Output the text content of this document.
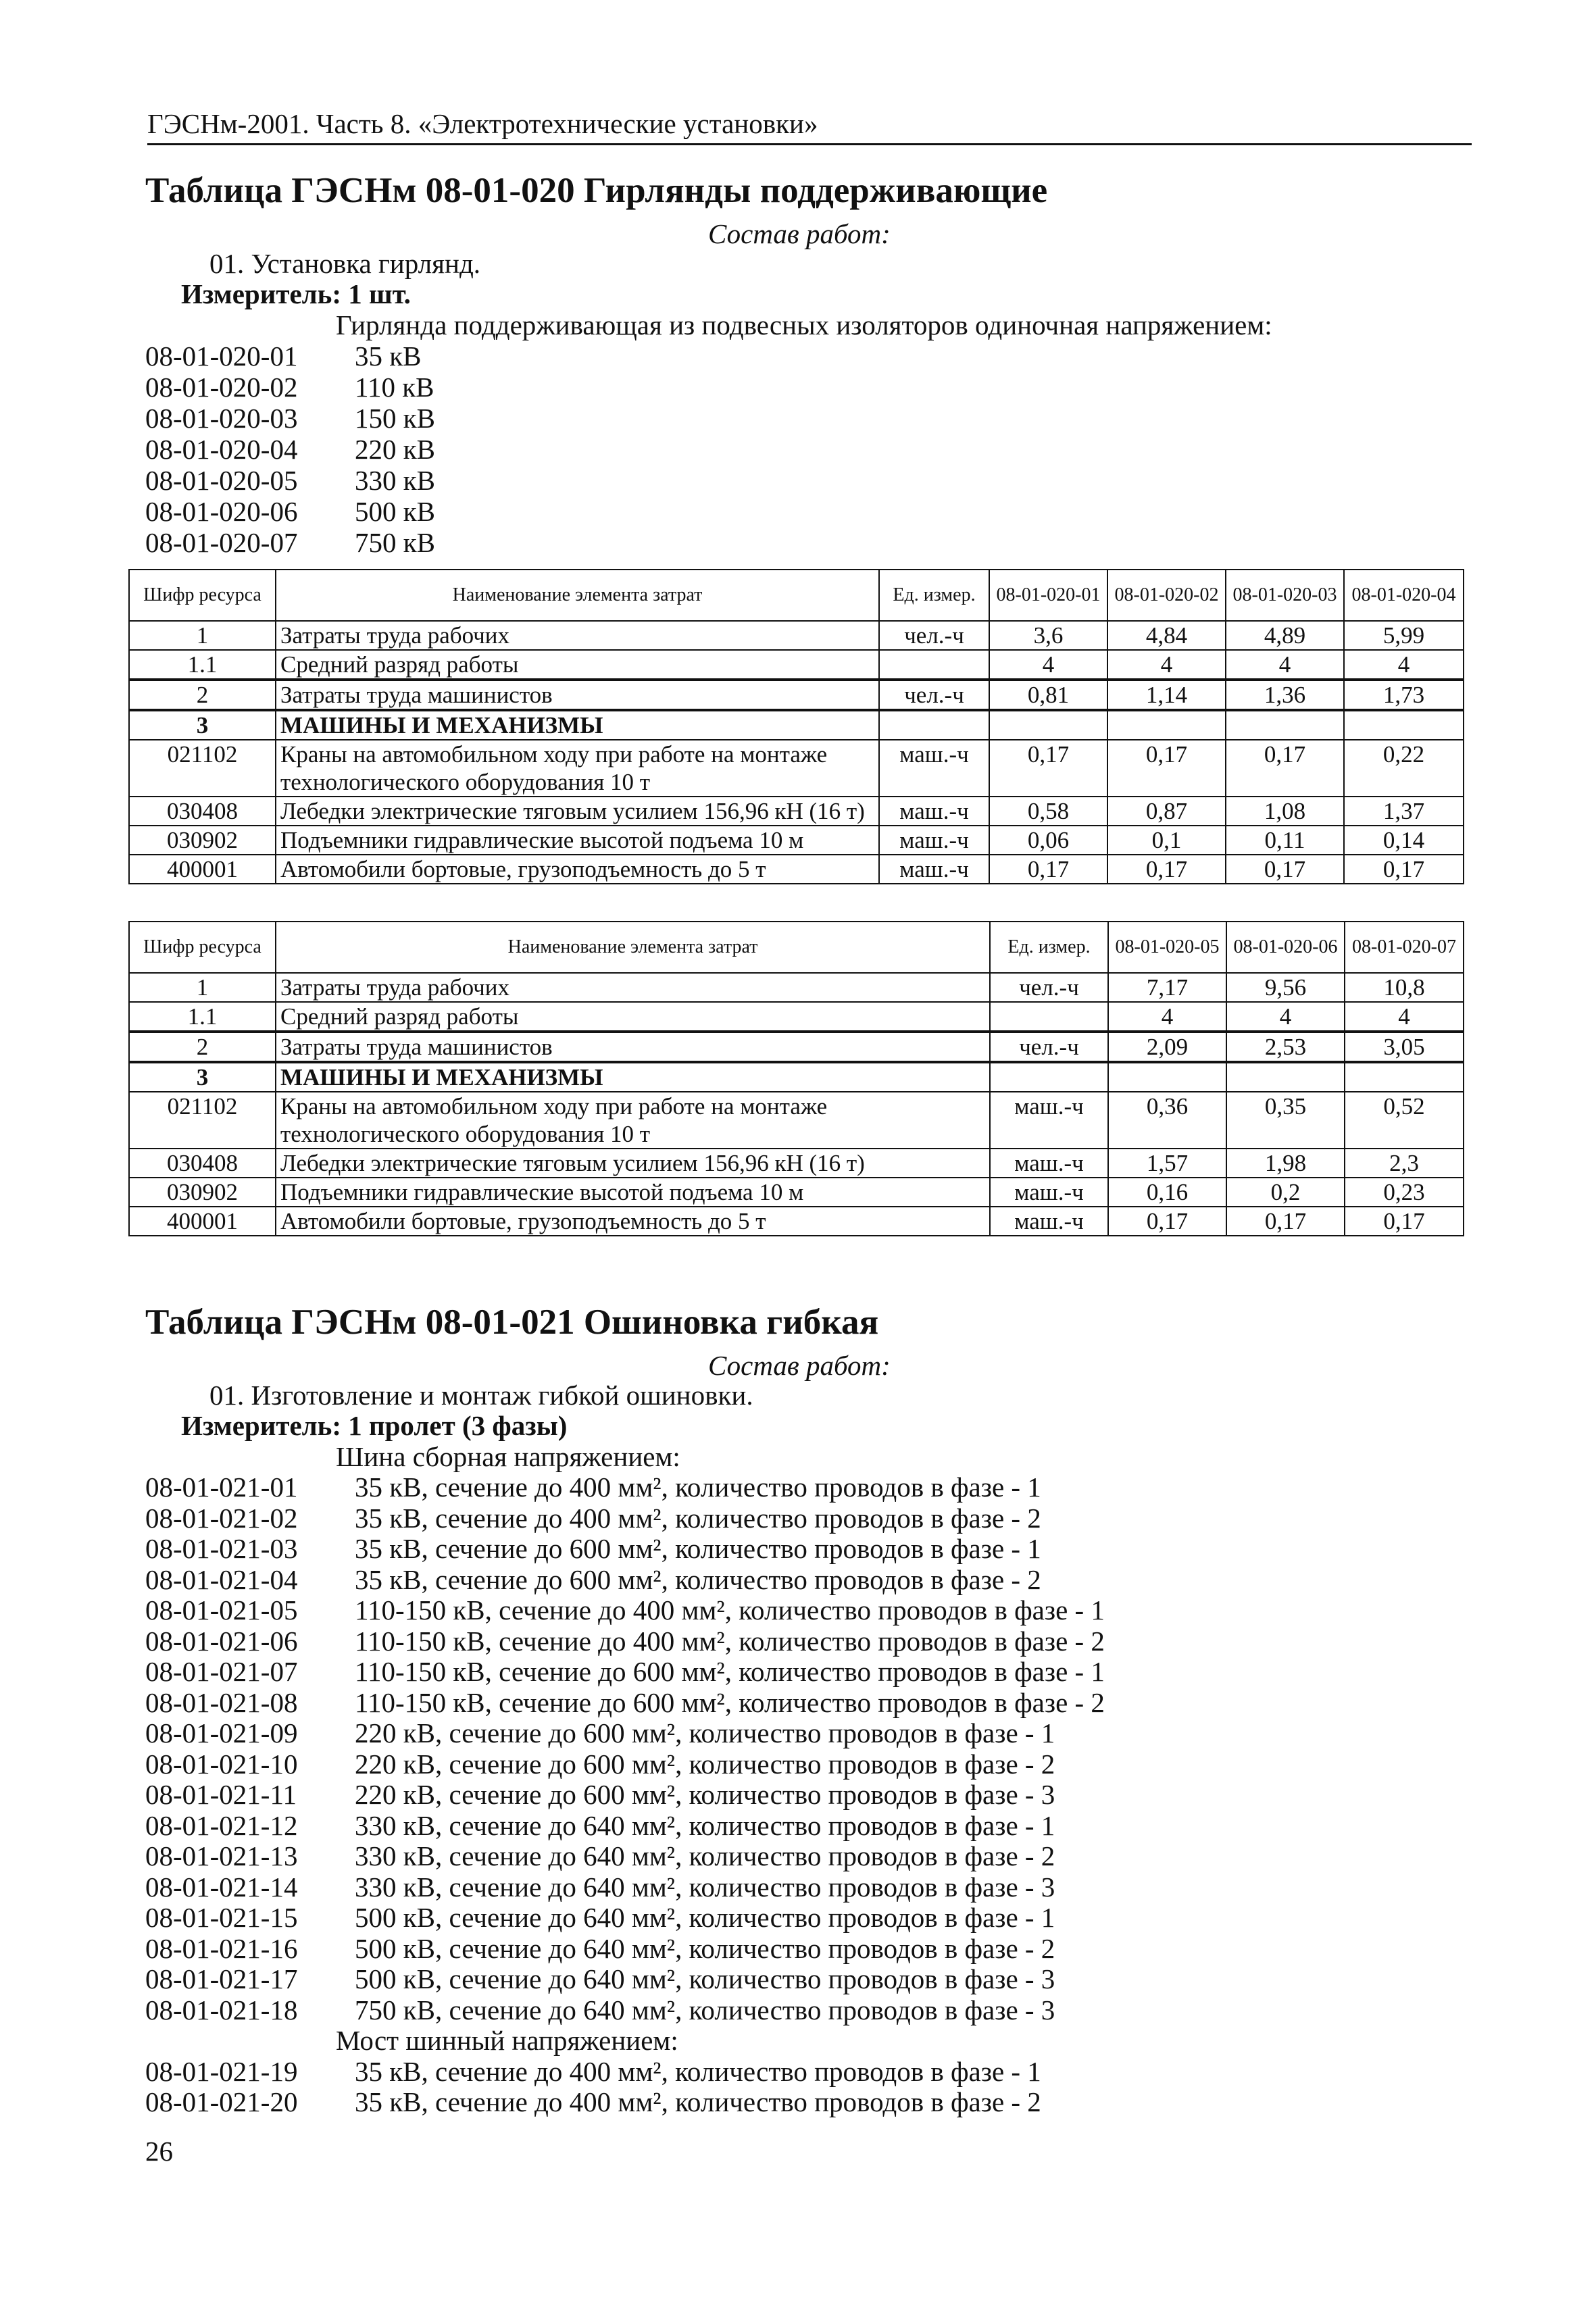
ГЭСНм-2001. Часть 8. «Электротехнические установки»
Таблица ГЭСНм 08-01-020 Гирлянды поддерживающие
Состав работ:
01. Установка гирлянд.
Измеритель: 1 шт.
Гирлянда поддерживающая из подвесных изоляторов одиночная напряжением:
08-01-020-01 35 кВ
08-01-020-02 110 кВ
08-01-020-03 150 кВ
08-01-020-04 220 кВ
08-01-020-05 330 кВ
08-01-020-06 500 кВ
08-01-020-07 750 кВ
Шифр ресурса	Наименование элемента затрат	Ед. измер.	08-01-020-01	08-01-020-02	08-01-020-03	08-01-020-04
1	Затраты труда рабочих	чел.-ч	3,6	4,84	4,89	5,99
1.1	Средний разряд работы		4	4	4	4
2	Затраты труда машинистов	чел.-ч	0,81	1,14	1,36	1,73
3	МАШИНЫ И МЕХАНИЗМЫ					
021102	Краны на автомобильном ходу при работе на монтаже технологического оборудования 10 т	маш.-ч	0,17	0,17	0,17	0,22
030408	Лебедки электрические тяговым усилием 156,96 кН (16 т)	маш.-ч	0,58	0,87	1,08	1,37
030902	Подъемники гидравлические высотой подъема 10 м	маш.-ч	0,06	0,1	0,11	0,14
400001	Автомобили бортовые, грузоподъемность до 5 т	маш.-ч	0,17	0,17	0,17	0,17
Шифр ресурса	Наименование элемента затрат	Ед. измер.	08-01-020-05	08-01-020-06	08-01-020-07
1	Затраты труда рабочих	чел.-ч	7,17	9,56	10,8
1.1	Средний разряд работы		4	4	4
2	Затраты труда машинистов	чел.-ч	2,09	2,53	3,05
3	МАШИНЫ И МЕХАНИЗМЫ				
021102	Краны на автомобильном ходу при работе на монтаже технологического оборудования 10 т	маш.-ч	0,36	0,35	0,52
030408	Лебедки электрические тяговым усилием 156,96 кН (16 т)	маш.-ч	1,57	1,98	2,3
030902	Подъемники гидравлические высотой подъема 10 м	маш.-ч	0,16	0,2	0,23
400001	Автомобили бортовые, грузоподъемность до 5 т	маш.-ч	0,17	0,17	0,17
Таблица ГЭСНм 08-01-021 Ошиновка гибкая
Состав работ:
01. Изготовление и монтаж гибкой ошиновки.
Измеритель: 1 пролет (3 фазы)
Шина сборная напряжением:
08-01-021-01 35 кВ, сечение до 400 мм², количество проводов в фазе - 1
08-01-021-02 35 кВ, сечение до 400 мм², количество проводов в фазе - 2
08-01-021-03 35 кВ, сечение до 600 мм², количество проводов в фазе - 1
08-01-021-04 35 кВ, сечение до 600 мм², количество проводов в фазе - 2
08-01-021-05 110-150 кВ, сечение до 400 мм², количество проводов в фазе - 1
08-01-021-06 110-150 кВ, сечение до 400 мм², количество проводов в фазе - 2
08-01-021-07 110-150 кВ, сечение до 600 мм², количество проводов в фазе - 1
08-01-021-08 110-150 кВ, сечение до 600 мм², количество проводов в фазе - 2
08-01-021-09 220 кВ, сечение до 600 мм², количество проводов в фазе - 1
08-01-021-10 220 кВ, сечение до 600 мм², количество проводов в фазе - 2
08-01-021-11 220 кВ, сечение до 600 мм², количество проводов в фазе - 3
08-01-021-12 330 кВ, сечение до 640 мм², количество проводов в фазе - 1
08-01-021-13 330 кВ, сечение до 640 мм², количество проводов в фазе - 2
08-01-021-14 330 кВ, сечение до 640 мм², количество проводов в фазе - 3
08-01-021-15 500 кВ, сечение до 640 мм², количество проводов в фазе - 1
08-01-021-16 500 кВ, сечение до 640 мм², количество проводов в фазе - 2
08-01-021-17 500 кВ, сечение до 640 мм², количество проводов в фазе - 3
08-01-021-18 750 кВ, сечение до 640 мм², количество проводов в фазе - 3
Мост шинный напряжением:
08-01-021-19 35 кВ, сечение до 400 мм², количество проводов в фазе - 1
08-01-021-20 35 кВ, сечение до 400 мм², количество проводов в фазе - 2
26
